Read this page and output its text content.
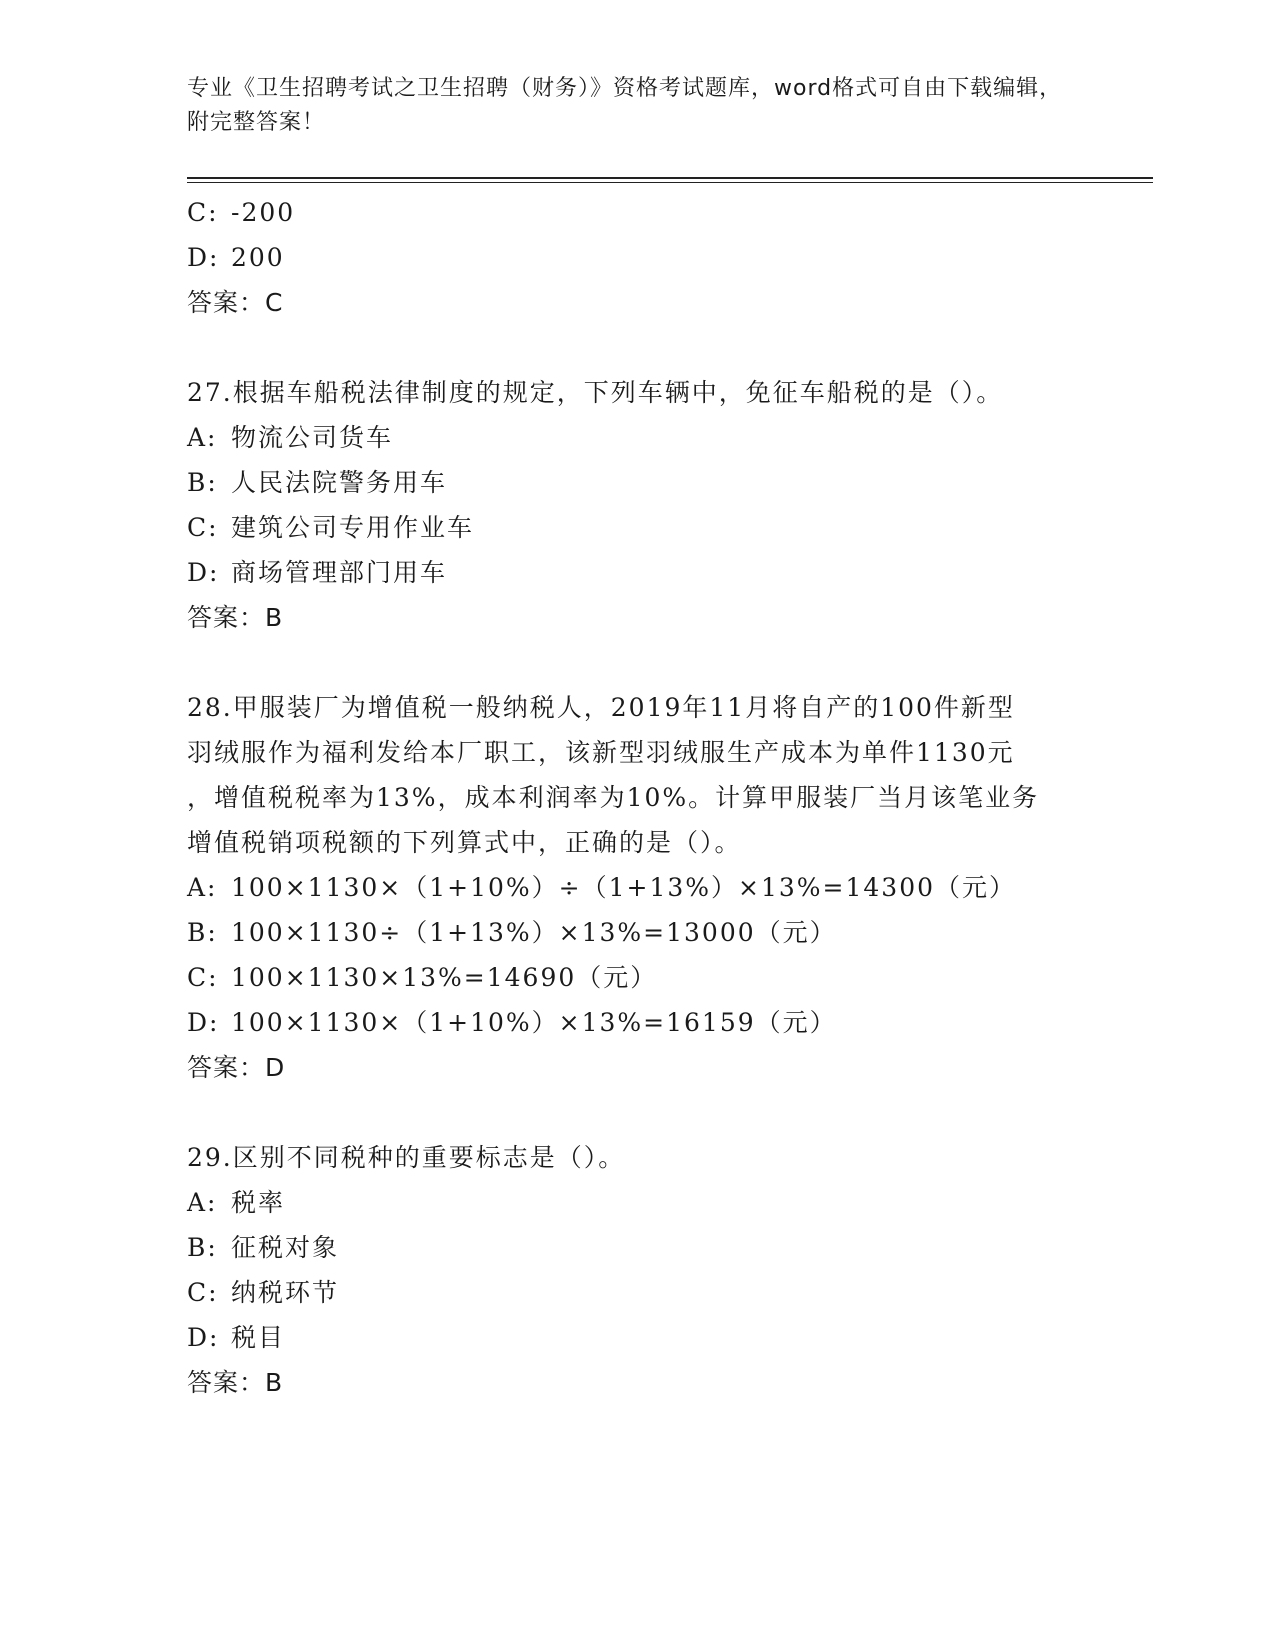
专业《卫生招聘考试之卫生招聘（财务）》资格考试题库，word格式可自由下载编辑，附完整答案！
C: -200
D: 200
答案：C
27.根据车船税法律制度的规定，下列车辆中，免征车船税的是（）。
A: 物流公司货车
B: 人民法院警务用车
C: 建筑公司专用作业车
D: 商场管理部门用车
答案：B
28.甲服装厂为增值税一般纳税人，2019年11月将自产的100件新型
羽绒服作为福利发给本厂职工，该新型羽绒服生产成本为单件1130元
，增值税税率为13%，成本利润率为10%。计算甲服装厂当月该笔业务
增值税销项税额的下列算式中，正确的是（）。
A: 100×1130×（1+10%）÷（1+13%）×13%=14300（元）
B: 100×1130÷（1+13%）×13%=13000（元）
C: 100×1130×13%=14690（元）
D: 100×1130×（1+10%）×13%=16159（元）
答案：D
29.区别不同税种的重要标志是（）。
A: 税率
B: 征税对象
C: 纳税环节
D: 税目
答案：B
